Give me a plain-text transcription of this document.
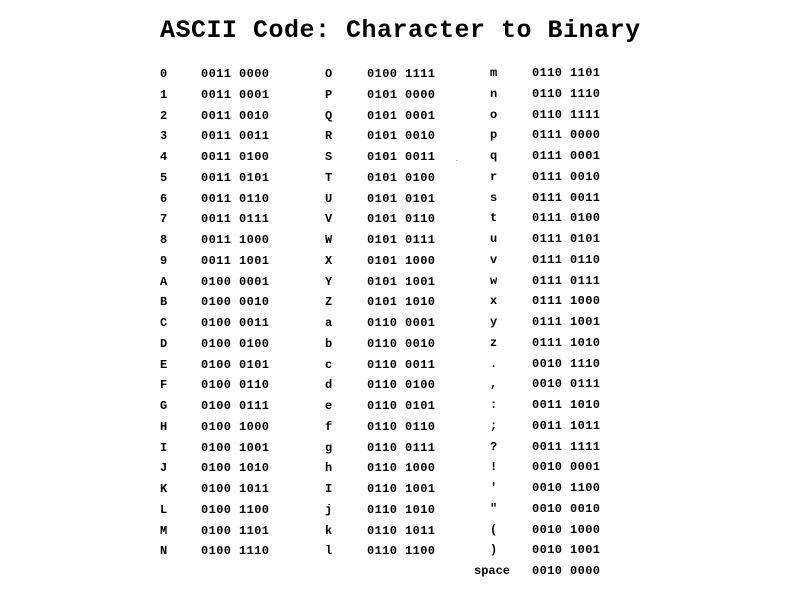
ASCII Code: Character to Binary
0	0011 0000
1	0011 0001
2	0011 0010
3	0011 0011
4	0011 0100
5	0011 0101
6	0011 0110
7	0011 0111
8	0011 1000
9	0011 1001
A	0100 0001
B	0100 0010
C	0100 0011
D	0100 0100
E	0100 0101
F	0100 0110
G	0100 0111
H	0100 1000
I	0100 1001
J	0100 1010
K	0100 1011
L	0100 1100
M	0100 1101
N	0100 1110
O	0100 1111
P	0101 0000
Q	0101 0001
R	0101 0010
S	0101 0011
T	0101 0100
U	0101 0101
V	0101 0110
W	0101 0111
X	0101 1000
Y	0101 1001
Z	0101 1010
a	0110 0001
b	0110 0010
c	0110 0011
d	0110 0100
e	0110 0101
f	0110 0110
g	0110 0111
h	0110 1000
I	0110 1001
j	0110 1010
k	0110 1011
l	0110 1100
m	0110 1101
n	0110 1110
o	0110 1111
p	0111 0000
q	0111 0001
r	0111 0010
s	0111 0011
t	0111 0100
u	0111 0101
v	0111 0110
w	0111 0111
x	0111 1000
y	0111 1001
z	0111 1010
.	0010 1110
,	0010 0111
:	0011 1010
;	0011 1011
?	0011 1111
!	0010 0001
'	0010 1100
"	0010 0010
(	0010 1000
)	0010 1001
space 0010 0000
